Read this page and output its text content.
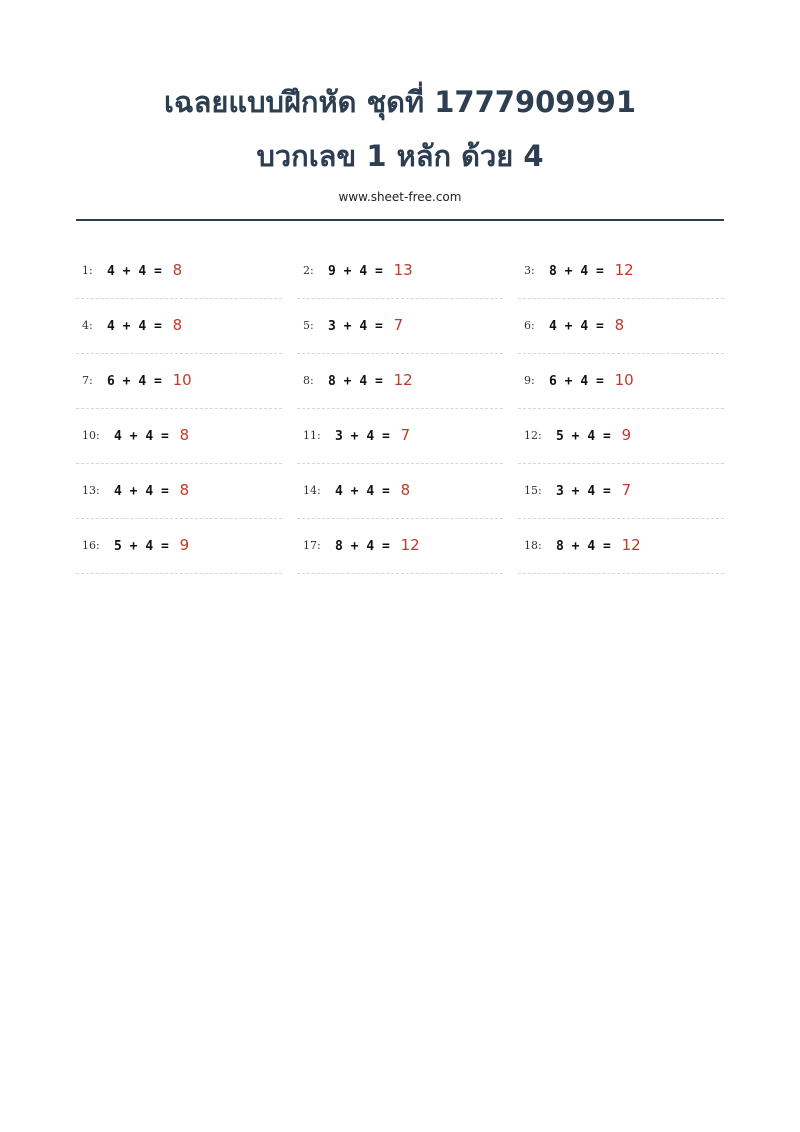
เฉลยแบบฝึกหัด ชุดที่ 1777909991
บวกเลข 1 หลัก ด้วย 4
www.sheet-free.com
1: 4 + 4 = 8	2: 9 + 4 = 13	3: 8 + 4 = 12
4: 4 + 4 = 8	5: 3 + 4 = 7	6: 4 + 4 = 8
7: 6 + 4 = 10	8: 8 + 4 = 12	9: 6 + 4 = 10
10: 4 + 4 = 8	11: 3 + 4 = 7	12: 5 + 4 = 9
13: 4 + 4 = 8	14: 4 + 4 = 8	15: 3 + 4 = 7
16: 5 + 4 = 9	17: 8 + 4 = 12	18: 8 + 4 = 12
